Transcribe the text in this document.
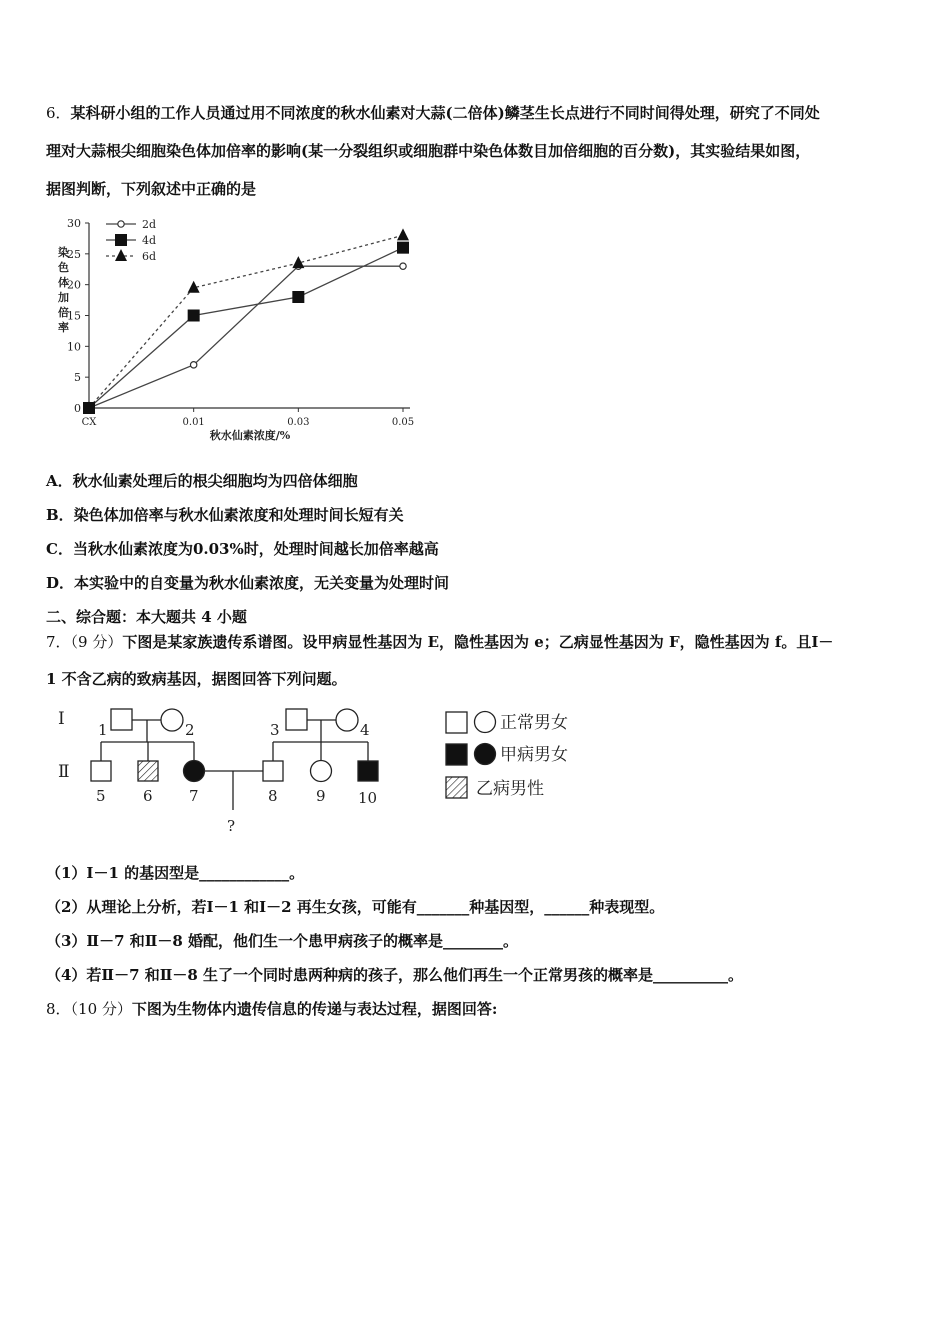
6．某科研小组的工作人员通过用不同浓度的秋水仙素对大蒜(二倍体)鳞茎生长点进行不同时间得处理，研究了不同处
理对大蒜根尖细胞染色体加倍率的影响(某一分裂组织或细胞群中染色体数目加倍细胞的百分数)，其实验结果如图，
据图判断，下列叙述中正确的是
0
5
10
15
20
25
30
CX	0.01	0.03	0.05
染色体加倍率
秋水仙素浓度/%
2d
4d
6d
A．秋水仙素处理后的根尖细胞均为四倍体细胞
B．染色体加倍率与秋水仙素浓度和处理时间长短有关
C．当秋水仙素浓度为0.03%时，处理时间越长加倍率越高
D．本实验中的自变量为秋水仙素浓度，无关变量为处理时间
二、综合题：本大题共 4 小题
7．（9 分）下图是某家族遗传系谱图。设甲病显性基因为 E，隐性基因为 e；乙病显性基因为 F，隐性基因为 f。且Ⅰ－
1 不含乙病的致病基因，据图回答下列问题。
Ⅰ
Ⅱ
1	2	3	4
5 6 7	8	9 10
?
正常男女
甲病男女
乙病男性
（1）Ⅰ－1 的基因型是____________。
（2）从理论上分析，若Ⅰ－1 和Ⅰ－2 再生女孩，可能有_______种基因型，______种表现型。
（3）Ⅱ－7 和Ⅱ－8 婚配，他们生一个患甲病孩子的概率是________。
（4）若Ⅱ－7 和Ⅱ－8 生了一个同时患两种病的孩子，那么他们再生一个正常男孩的概率是__________。
8．（10 分）下图为生物体内遗传信息的传递与表达过程，据图回答:
